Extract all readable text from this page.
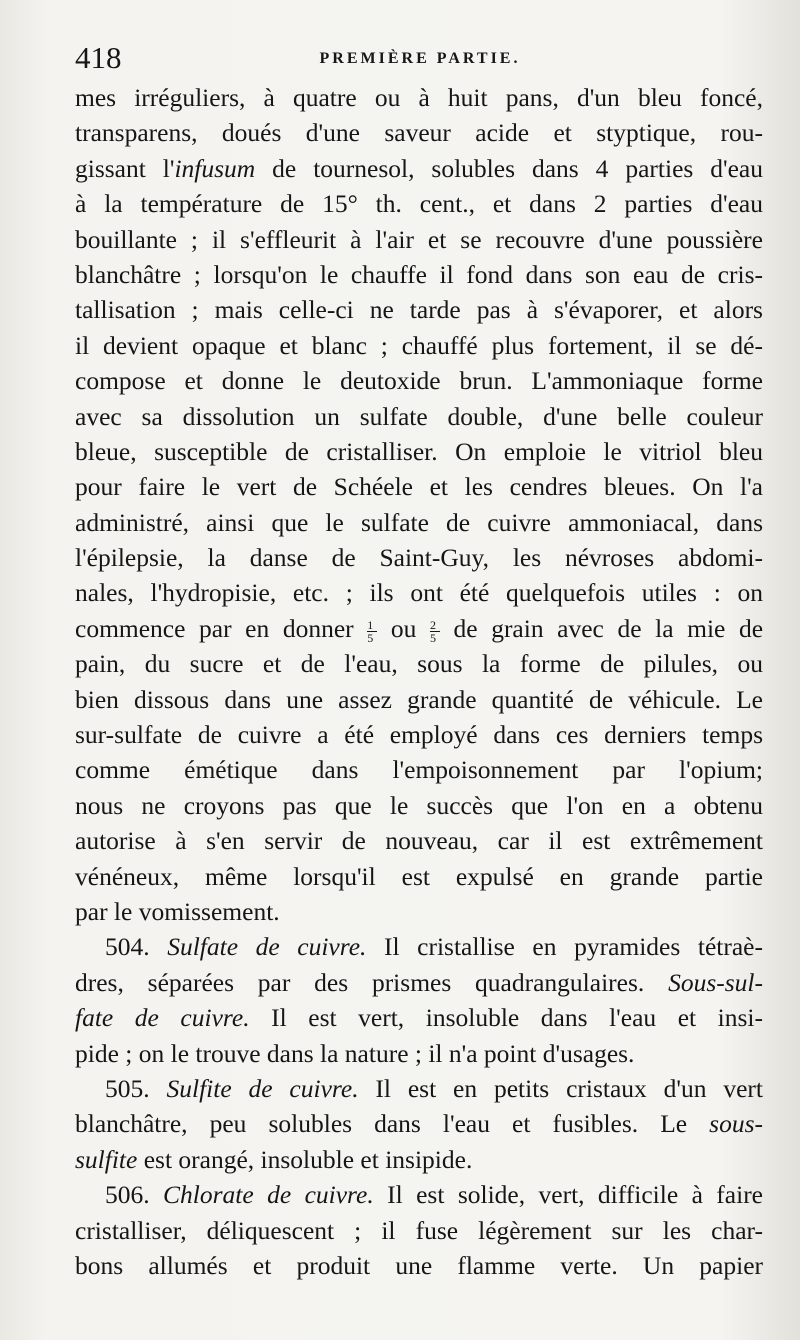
418	PREMIÈRE PARTIE.
mes irréguliers, à quatre ou à huit pans, d'un bleu foncé,
transparens, doués d'une saveur acide et styptique, rou-
gissant l'infusum de tournesol, solubles dans 4 parties d'eau
à la température de 15° th. cent., et dans 2 parties d'eau
bouillante ; il s'effleurit à l'air et se recouvre d'une poussière
blanchâtre ; lorsqu'on le chauffe il fond dans son eau de cris-
tallisation ; mais celle-ci ne tarde pas à s'évaporer, et alors
il devient opaque et blanc ; chauffé plus fortement, il se dé-
compose et donne le deutoxide brun. L'ammoniaque forme
avec sa dissolution un sulfate double, d'une belle couleur
bleue, susceptible de cristalliser. On emploie le vitriol bleu
pour faire le vert de Schéele et les cendres bleues. On l'a
administré, ainsi que le sulfate de cuivre ammoniacal, dans
l'épilepsie, la danse de Saint-Guy, les névroses abdomi-
nales, l'hydropisie, etc. ; ils ont été quelquefois utiles : on
commence par en donner $\frac{1}{5}$ ou $\frac{2}{5}$ de grain avec de la mie de
pain, du sucre et de l'eau, sous la forme de pilules, ou
bien dissous dans une assez grande quantité de véhicule. Le
sur-sulfate de cuivre a été employé dans ces derniers temps
comme émétique dans l'empoisonnement par l'opium;
nous ne croyons pas que le succès que l'on en a obtenu
autorise à s'en servir de nouveau, car il est extrêmement
vénéneux, même lorsqu'il est expulsé en grande partie
par le vomissement.
504. Sulfate de cuivre. Il cristallise en pyramides tétraè-
dres, séparées par des prismes quadrangulaires. Sous-sul-
fate de cuivre. Il est vert, insoluble dans l'eau et insi-
pide ; on le trouve dans la nature ; il n'a point d'usages.
505. Sulfite de cuivre. Il est en petits cristaux d'un vert
blanchâtre, peu solubles dans l'eau et fusibles. Le sous-
sulfite est orangé, insoluble et insipide.
506. Chlorate de cuivre. Il est solide, vert, difficile à faire
cristalliser, déliquescent ; il fuse légèrement sur les char-
bons allumés et produit une flamme verte. Un papier
